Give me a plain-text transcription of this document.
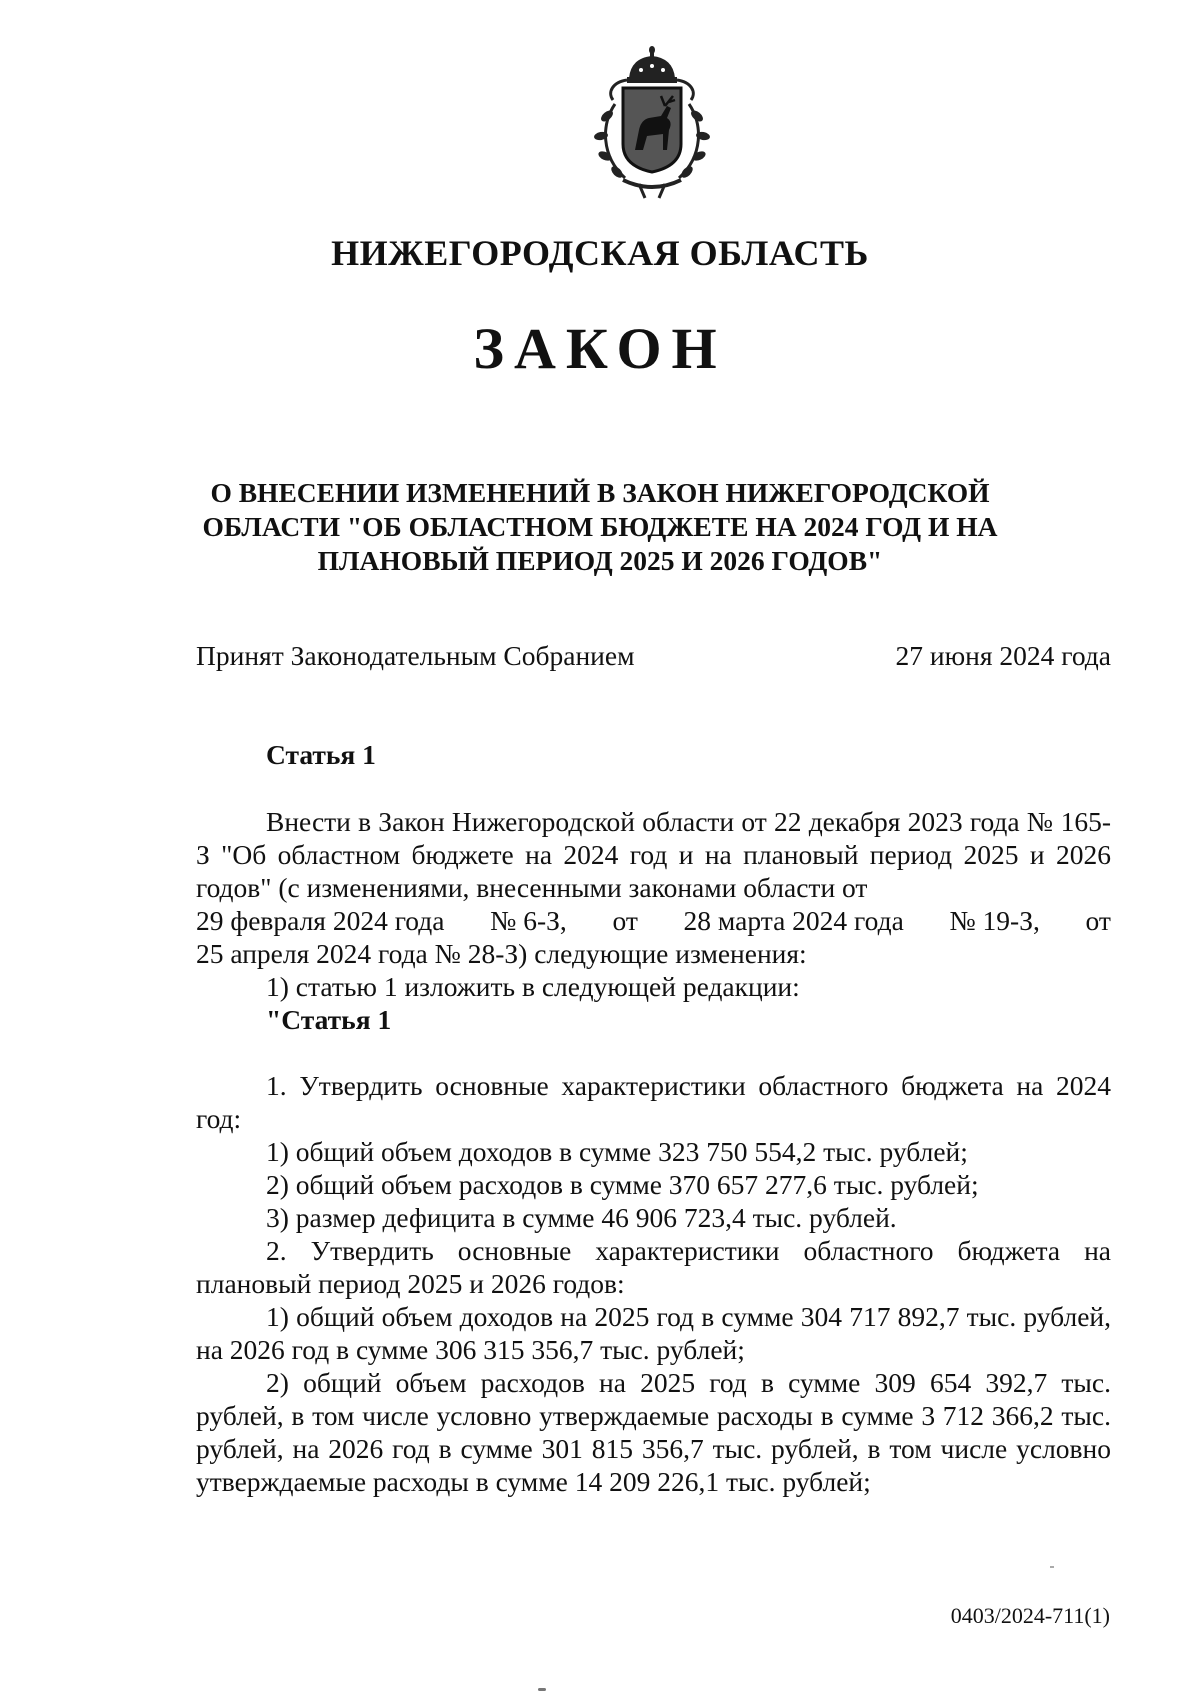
НИЖЕГОРОДСКАЯ ОБЛАСТЬ
ЗАКОН
О ВНЕСЕНИИ ИЗМЕНЕНИЙ В ЗАКОН НИЖЕГОРОДСКОЙ
ОБЛАСТИ "ОБ ОБЛАСТНОМ БЮДЖЕТЕ НА 2024 ГОД И НА
ПЛАНОВЫЙ ПЕРИОД 2025 И 2026 ГОДОВ"
Принят Законодательным Собранием	27 июня 2024 года
Статья 1
Внести в Закон Нижегородской области от 22 декабря 2023 года № 165-З "Об областном бюджете на 2024 год и на плановый период 2025 и 2026 годов" (с изменениями, внесенными законами области от
29 февраля 2024 года № 6-З, от 28 марта 2024 года № 19-З, от
25 апреля 2024 года № 28-З) следующие изменения:
1) статью 1 изложить в следующей редакции:
"Статья 1
1. Утвердить основные характеристики областного бюджета на 2024 год:
1) общий объем доходов в сумме 323 750 554,2 тыс. рублей;
2) общий объем расходов в сумме 370 657 277,6 тыс. рублей;
3) размер дефицита в сумме 46 906 723,4 тыс. рублей.
2. Утвердить основные характеристики областного бюджета на плановый период 2025 и 2026 годов:
1) общий объем доходов на 2025 год в сумме 304 717 892,7 тыс. рублей, на 2026 год в сумме 306 315 356,7 тыс. рублей;
2) общий объем расходов на 2025 год в сумме 309 654 392,7 тыс. рублей, в том числе условно утверждаемые расходы в сумме 3 712 366,2 тыс. рублей, на 2026 год в сумме 301 815 356,7 тыс. рублей, в том числе условно утверждаемые расходы в сумме 14 209 226,1 тыс. рублей;
0403/2024-711(1)
